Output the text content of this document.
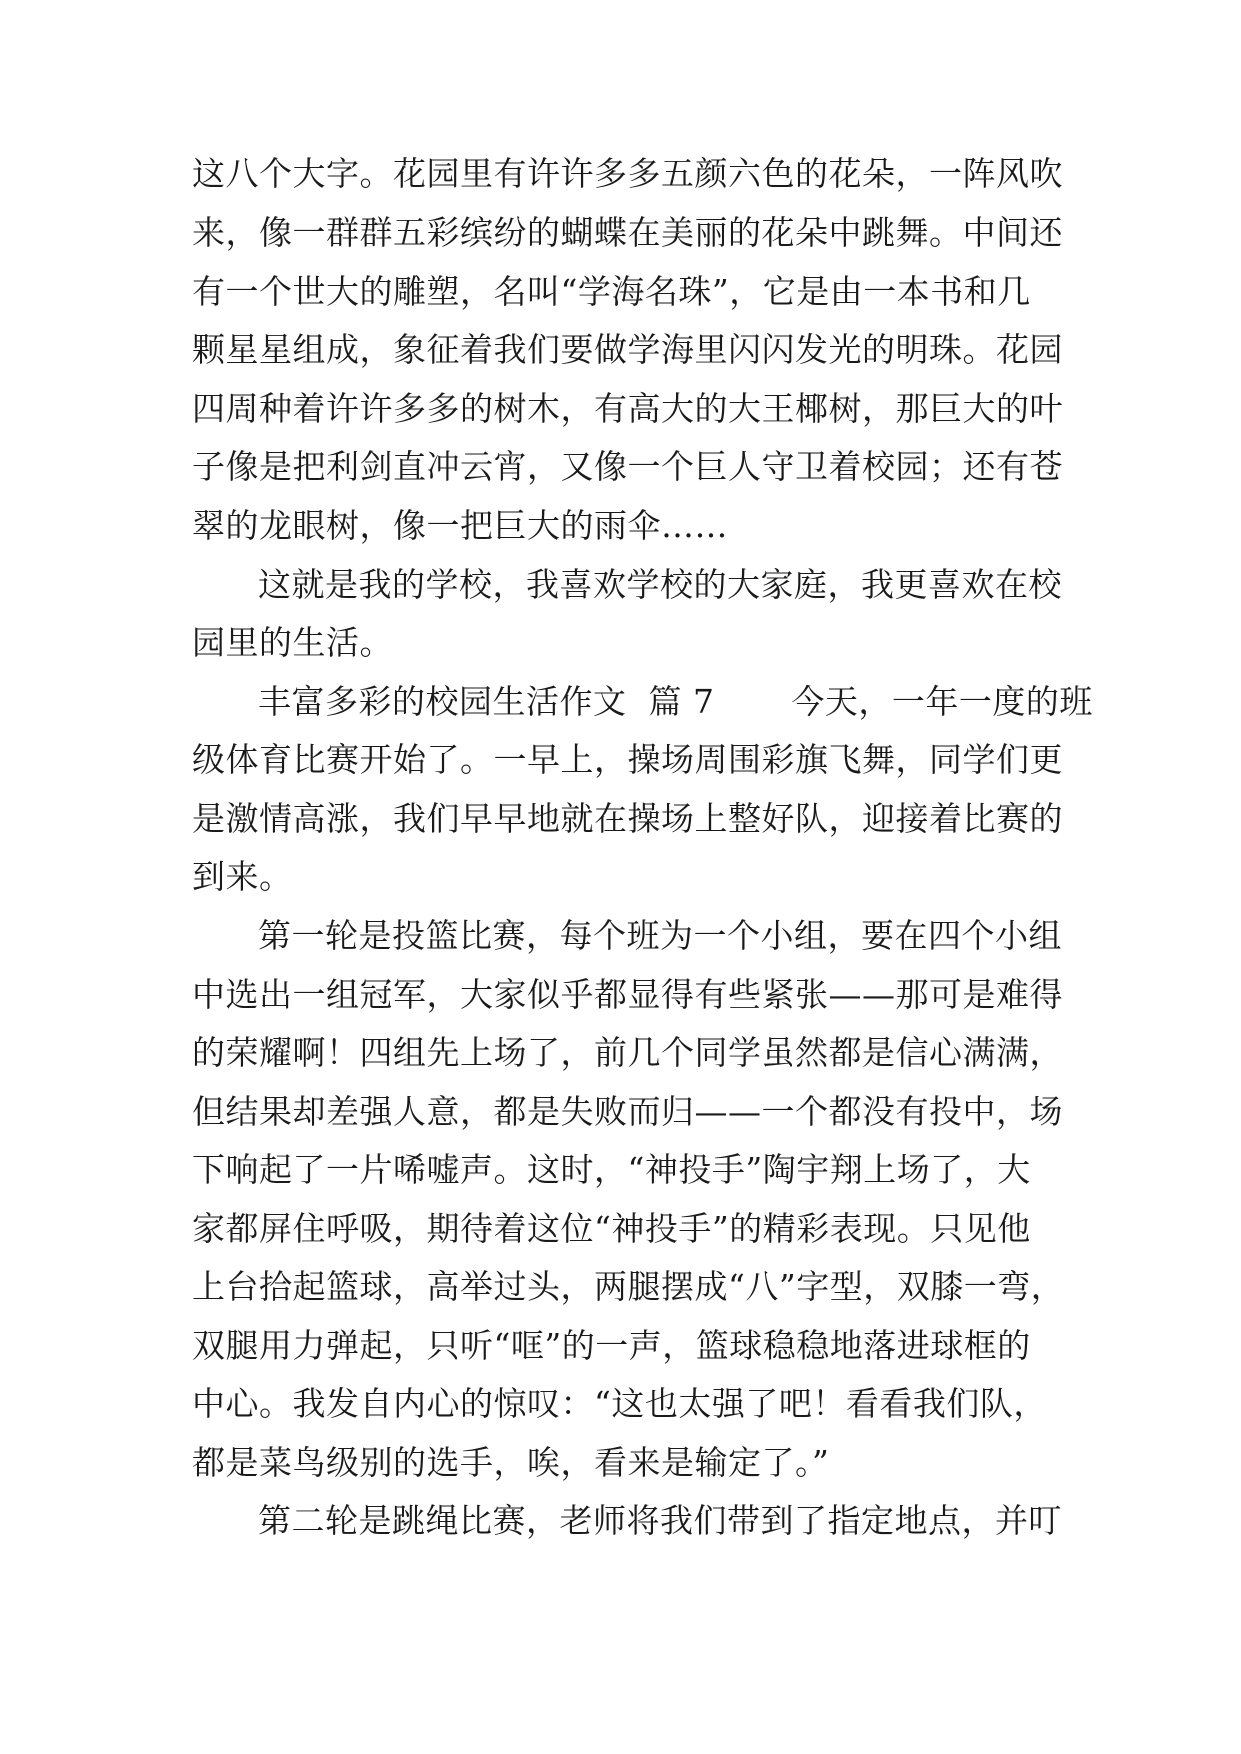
这八个大字。花园里有许许多多五颜六色的花朵，一阵风吹

来，像一群群五彩缤纷的蝴蝶在美丽的花朵中跳舞。中间还

有一个世大的雕塑，名叫“学海名珠”，它是由一本书和几

颗星星组成，象征着我们要做学海里闪闪发光的明珠。花园

四周种着许许多多的树木，有高大的大王椰树，那巨大的叶

子像是把利剑直冲云宵，又像一个巨人守卫着校园；还有苍

翠的龙眼树，像一把巨大的雨伞……

这就是我的学校，我喜欢学校的大家庭，我更喜欢在校

园里的生活。

丰富多彩的校园生活作文  篇 7       今天，一年一度的班

级体育比赛开始了。一早上，操场周围彩旗飞舞，同学们更

是激情高涨，我们早早地就在操场上整好队，迎接着比赛的

到来。

第一轮是投篮比赛，每个班为一个小组，要在四个小组

中选出一组冠军，大家似乎都显得有些紧张——那可是难得

的荣耀啊！四组先上场了，前几个同学虽然都是信心满满，

但结果却差强人意，都是失败而归——一个都没有投中，场

下响起了一片唏嘘声。这时，“神投手”陶宇翔上场了，大

家都屏住呼吸，期待着这位“神投手”的精彩表现。只见他

上台拾起篮球，高举过头，两腿摆成“八”字型，双膝一弯，

双腿用力弹起，只听“哐”的一声，篮球稳稳地落进球框的

中心。我发自内心的惊叹：“这也太强了吧！看看我们队，

都是菜鸟级别的选手，唉，看来是输定了。”

第二轮是跳绳比赛，老师将我们带到了指定地点，并叮
